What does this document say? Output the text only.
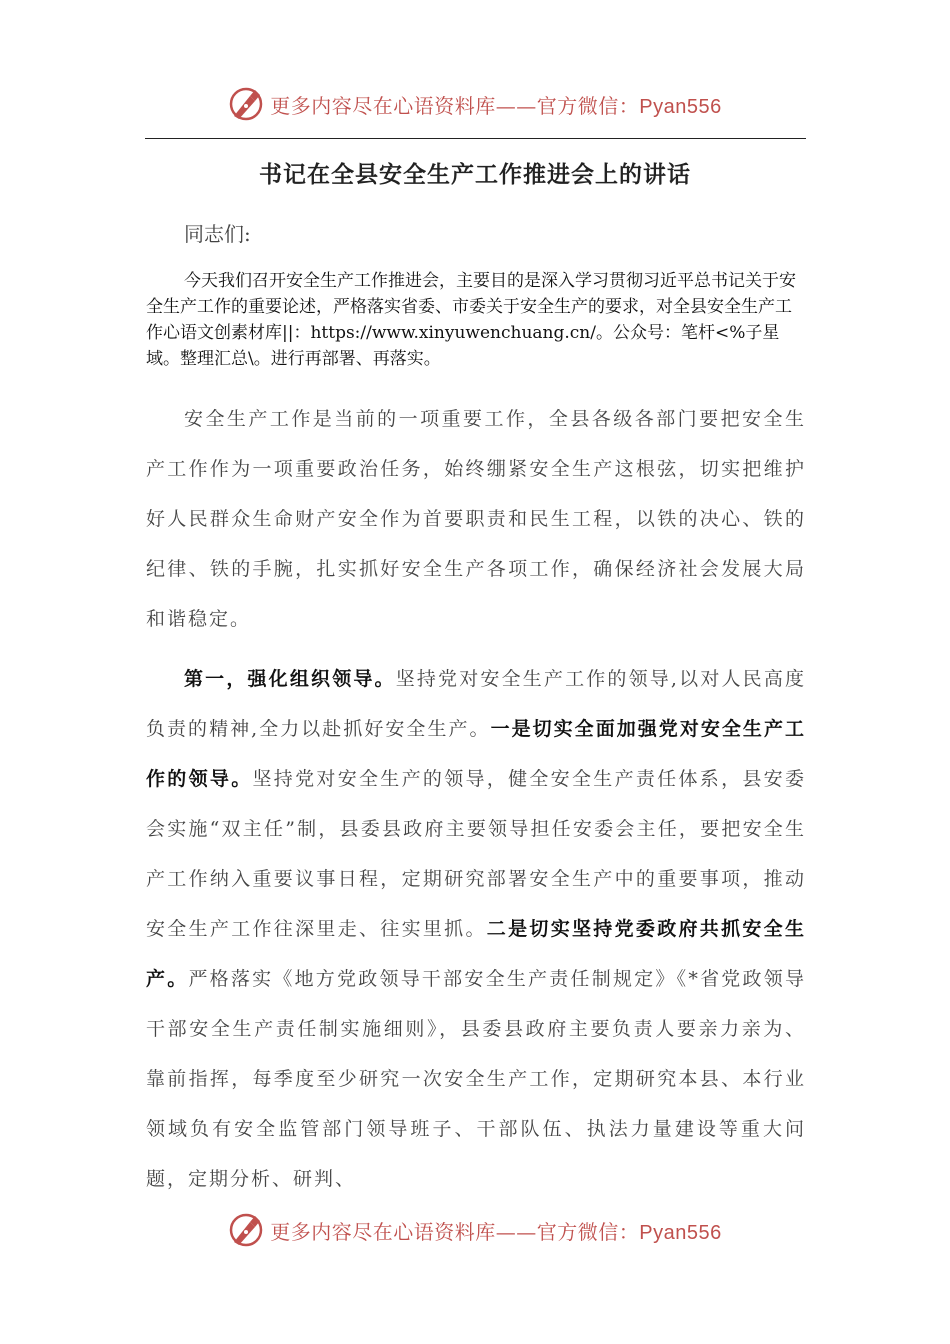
更多内容尽在心语资料库——官方微信：Pyan556
书记在全县安全生产工作推进会上的讲话

同志们:

今天我们召开安全生产工作推进会，主要目的是深入学习贯彻习近平总书记关于安全生产工作的重要论述，严格落实省委、市委关于安全生产的要求，对全县安全生产工作心语文创素材库||：https://www.xinyuwenchuang.cn/。公众号：笔杆<%子星域。整理汇总\。进行再部署、再落实。

安全生产工作是当前的一项重要工作，全县各级各部门要把安全生产工作作为一项重要政治任务，始终绷紧安全生产这根弦，切实把维护好人民群众生命财产安全作为首要职责和民生工程，以铁的决心、铁的纪律、铁的手腕，扎实抓好安全生产各项工作，确保经济社会发展大局和谐稳定。

第一，强化组织领导。坚持党对安全生产工作的领导,以对人民高度负责的精神,全力以赴抓好安全生产。一是切实全面加强党对安全生产工作的领导。坚持党对安全生产的领导，健全安全生产责任体系，县安委会实施“双主任”制，县委县政府主要领导担任安委会主任，要把安全生产工作纳入重要议事日程，定期研究部署安全生产中的重要事项，推动安全生产工作往深里走、往实里抓。二是切实坚持党委政府共抓安全生产。严格落实《地方党政领导干部安全生产责任制规定》《*省党政领导干部安全生产责任制实施细则》，县委县政府主要负责人要亲力亲为、靠前指挥，每季度至少研究一次安全生产工作，定期研究本县、本行业领域负有安全监管部门领导班子、干部队伍、执法力量建设等重大问题，定期分析、研判、

更多内容尽在心语资料库——官方微信：Pyan556
